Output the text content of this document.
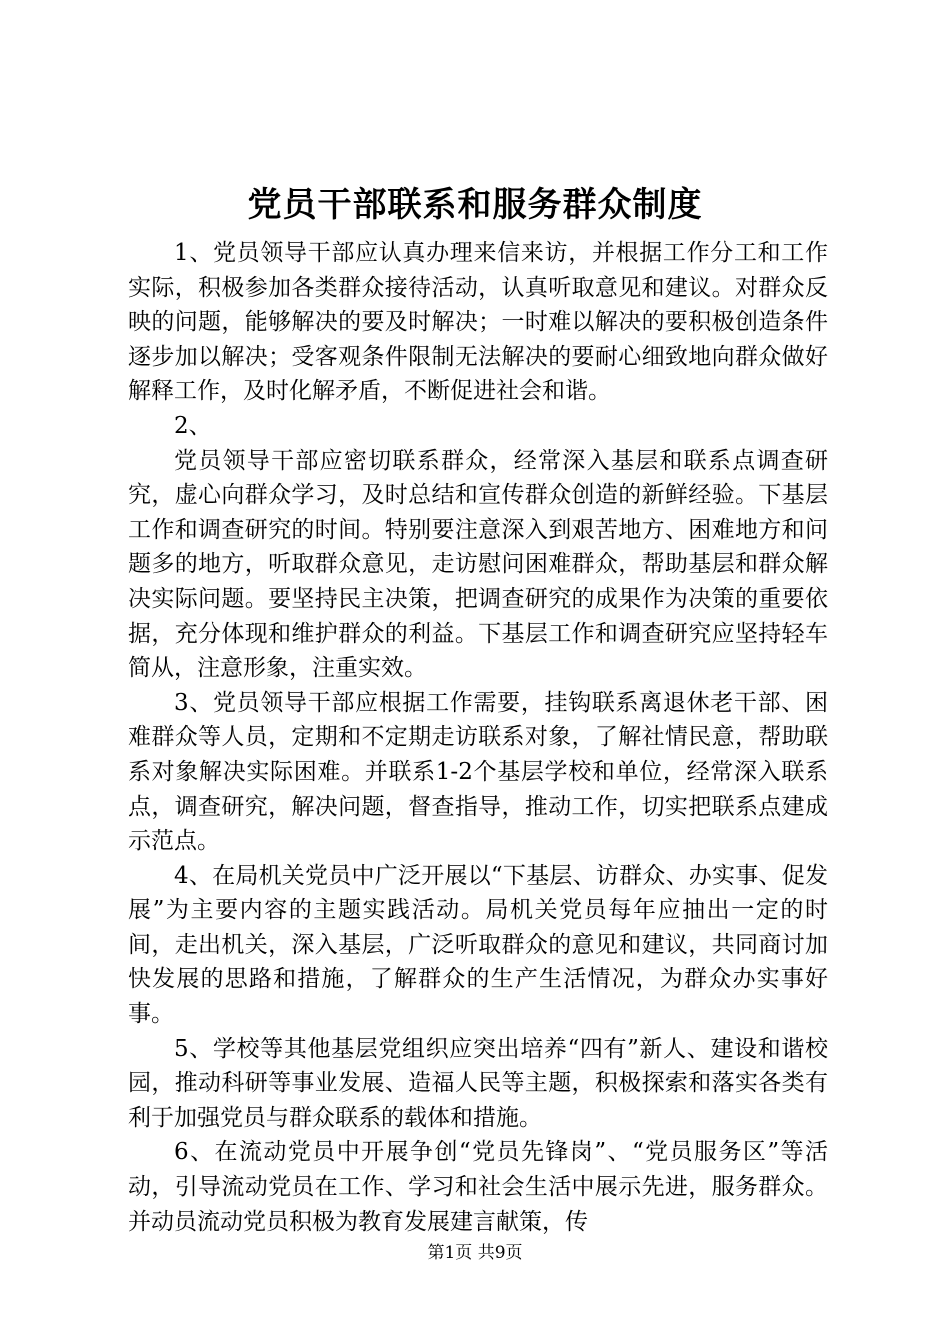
党员干部联系和服务群众制度

1、党员领导干部应认真办理来信来访，并根据工作分工和工作实际，积极参加各类群众接待活动，认真听取意见和建议。对群众反映的问题，能够解决的要及时解决；一时难以解决的要积极创造条件逐步加以解决；受客观条件限制无法解决的要耐心细致地向群众做好解释工作，及时化解矛盾，不断促进社会和谐。

2、

党员领导干部应密切联系群众，经常深入基层和联系点调查研究，虚心向群众学习，及时总结和宣传群众创造的新鲜经验。下基层工作和调查研究的时间。特别要注意深入到艰苦地方、困难地方和问题多的地方，听取群众意见，走访慰问困难群众，帮助基层和群众解决实际问题。要坚持民主决策，把调查研究的成果作为决策的重要依据，充分体现和维护群众的利益。下基层工作和调查研究应坚持轻车简从，注意形象，注重实效。

3、党员领导干部应根据工作需要，挂钩联系离退休老干部、困难群众等人员，定期和不定期走访联系对象，了解社情民意，帮助联系对象解决实际困难。并联系1-2个基层学校和单位，经常深入联系点，调查研究，解决问题，督查指导，推动工作，切实把联系点建成示范点。

4、在局机关党员中广泛开展以“下基层、访群众、办实事、促发展”为主要内容的主题实践活动。局机关党员每年应抽出一定的时间，走出机关，深入基层，广泛听取群众的意见和建议，共同商讨加快发展的思路和措施，了解群众的生产生活情况，为群众办实事好事。

5、学校等其他基层党组织应突出培养“四有”新人、建设和谐校园，推动科研等事业发展、造福人民等主题，积极探索和落实各类有利于加强党员与群众联系的载体和措施。

6、在流动党员中开展争创“党员先锋岗”、“党员服务区”等活动，引导流动党员在工作、学习和社会生活中展示先进，服务群众。并动员流动党员积极为教育发展建言献策，传

第1页 共9页
